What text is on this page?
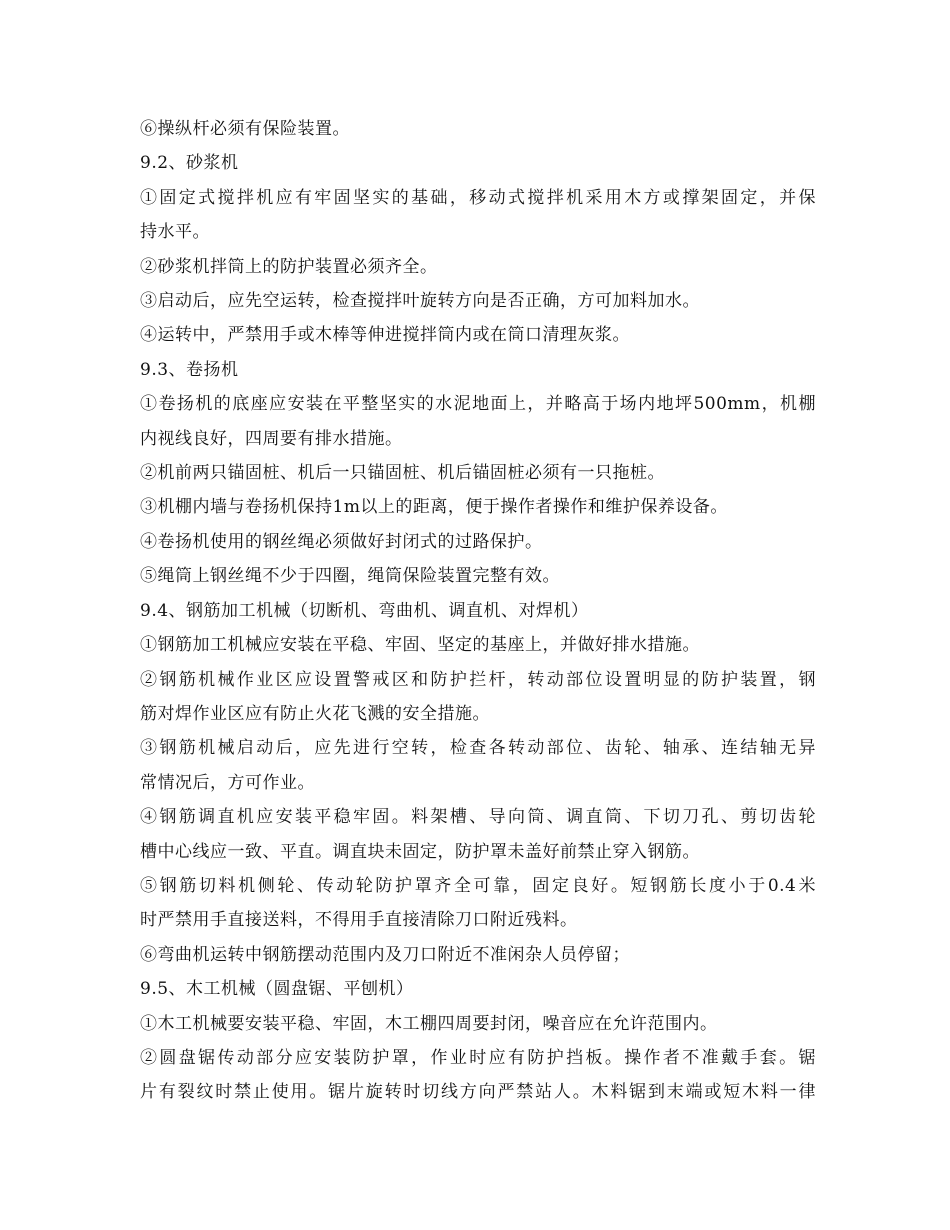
⑥操纵杆必须有保险装置。

9.2、砂浆机

①固定式搅拌机应有牢固坚实的基础，移动式搅拌机采用木方或撑架固定，并保

持水平。

②砂浆机拌筒上的防护装置必须齐全。

③启动后，应先空运转，检查搅拌叶旋转方向是否正确，方可加料加水。

④运转中，严禁用手或木棒等伸进搅拌筒内或在筒口清理灰浆。

9.3、卷扬机

①卷扬机的底座应安装在平整坚实的水泥地面上，并略高于场内地坪500mm，机棚

内视线良好，四周要有排水措施。

②机前两只锚固桩、机后一只锚固桩、机后锚固桩必须有一只拖桩。

③机棚内墙与卷扬机保持1m以上的距离，便于操作者操作和维护保养设备。

④卷扬机使用的钢丝绳必须做好封闭式的过路保护。

⑤绳筒上钢丝绳不少于四圈，绳筒保险装置完整有效。

9.4、钢筋加工机械（切断机、弯曲机、调直机、对焊机）

①钢筋加工机械应安装在平稳、牢固、坚定的基座上，并做好排水措施。

②钢筋机械作业区应设置警戒区和防护拦杆，转动部位设置明显的防护装置，钢

筋对焊作业区应有防止火花飞溅的安全措施。

③钢筋机械启动后，应先进行空转，检查各转动部位、齿轮、轴承、连结轴无异

常情况后，方可作业。

④钢筋调直机应安装平稳牢固。料架槽、导向筒、调直筒、下切刀孔、剪切齿轮

槽中心线应一致、平直。调直块未固定，防护罩未盖好前禁止穿入钢筋。

⑤钢筋切料机侧轮、传动轮防护罩齐全可靠，固定良好。短钢筋长度小于0.4米

时严禁用手直接送料，不得用手直接清除刀口附近残料。

⑥弯曲机运转中钢筋摆动范围内及刀口附近不准闲杂人员停留；

9.5、木工机械（圆盘锯、平刨机）

①木工机械要安装平稳、牢固，木工棚四周要封闭，噪音应在允许范围内。

②圆盘锯传动部分应安装防护罩，作业时应有防护挡板。操作者不准戴手套。锯

片有裂纹时禁止使用。锯片旋转时切线方向严禁站人。木料锯到末端或短木料一律
